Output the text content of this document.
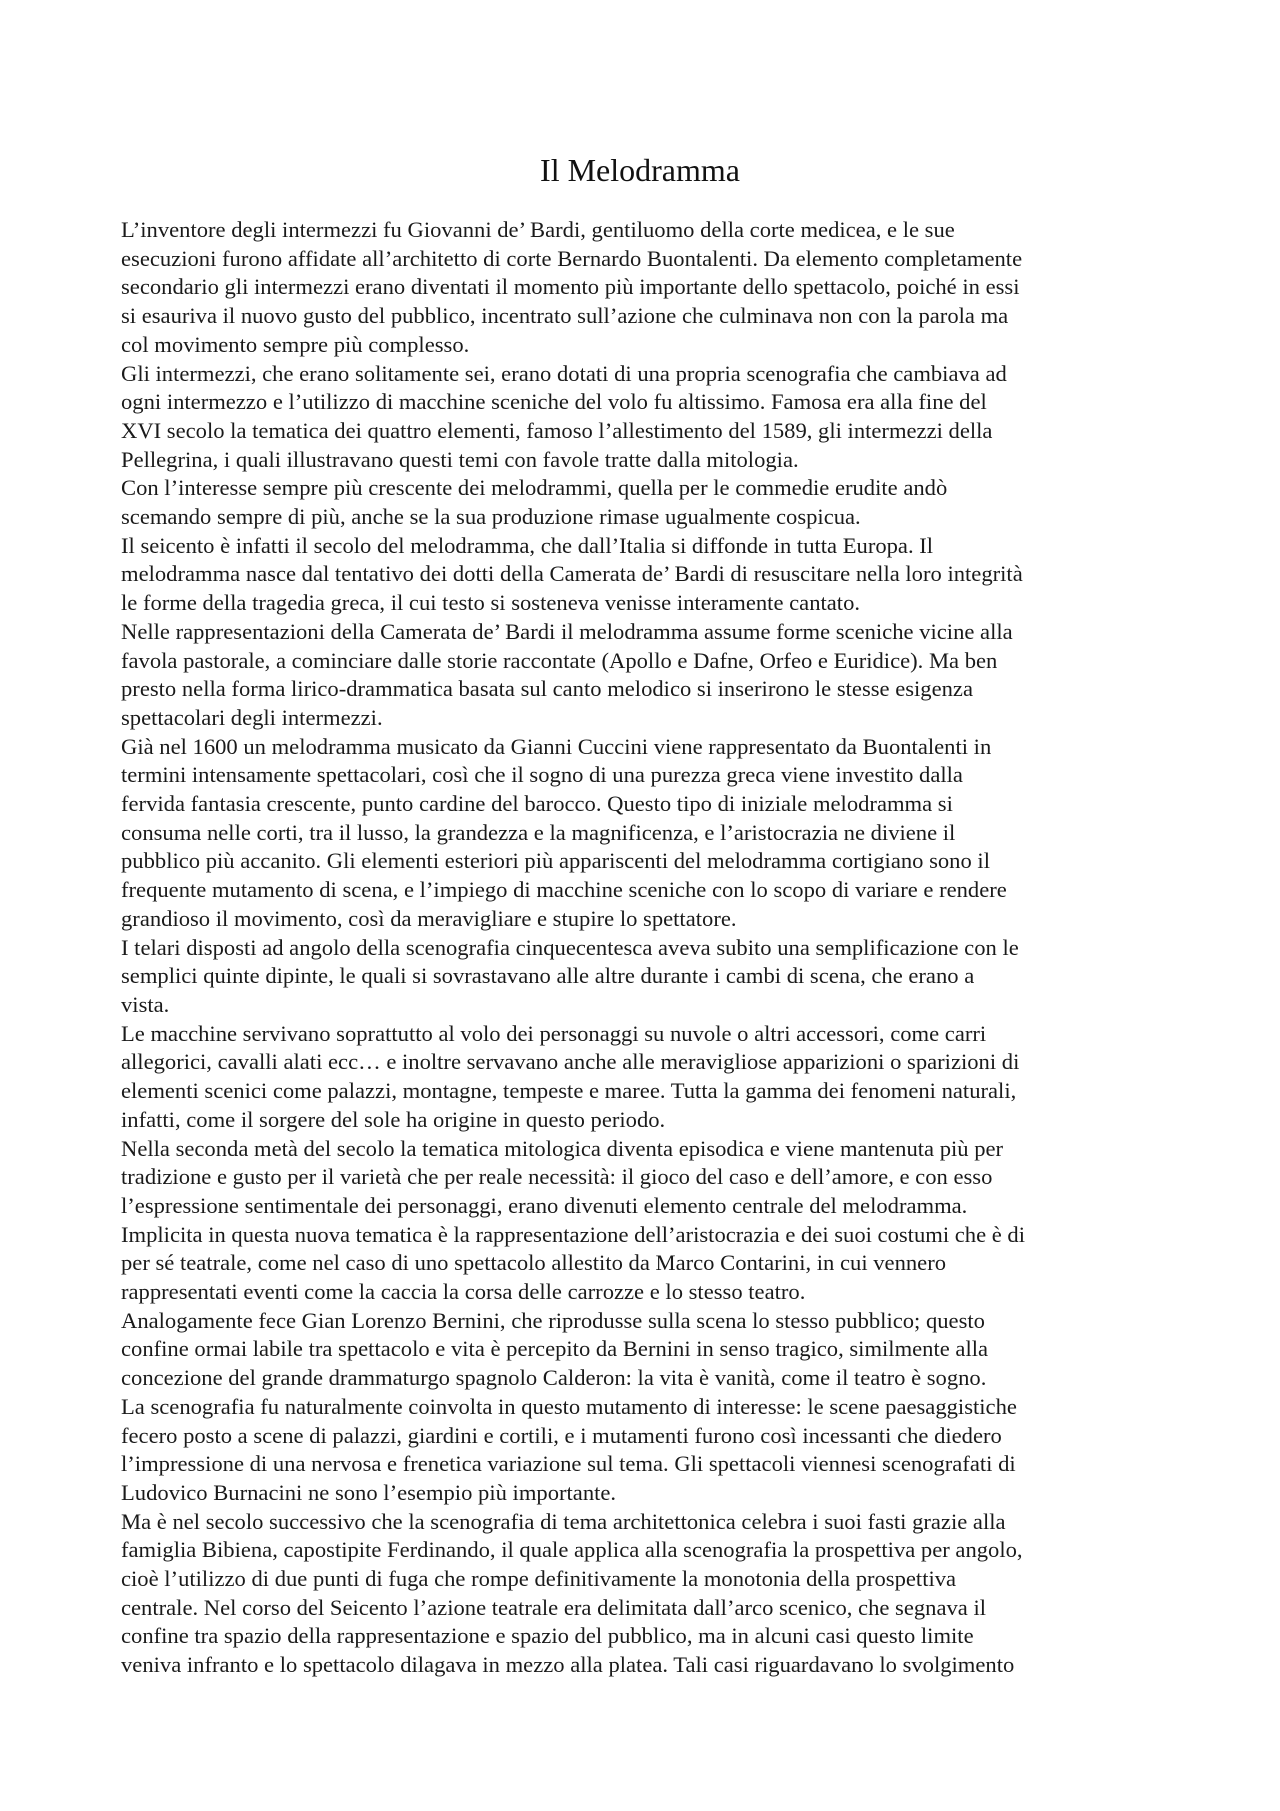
Il Melodramma
L’inventore degli intermezzi fu Giovanni de’ Bardi, gentiluomo della corte medicea, e le sue
esecuzioni furono affidate all’architetto di corte Bernardo Buontalenti. Da elemento completamente
secondario gli intermezzi erano diventati il momento più importante dello spettacolo, poiché in essi
si esauriva il nuovo gusto del pubblico, incentrato sull’azione che culminava non con la parola ma
col movimento sempre più complesso.
Gli intermezzi, che erano solitamente sei, erano dotati di una propria scenografia che cambiava ad
ogni intermezzo e l’utilizzo di macchine sceniche del volo fu altissimo. Famosa era alla fine del
XVI secolo la tematica dei quattro elementi, famoso l’allestimento del 1589, gli intermezzi della
Pellegrina, i quali illustravano questi temi con favole tratte dalla mitologia.
Con l’interesse sempre più crescente dei melodrammi, quella per le commedie erudite andò
scemando sempre di più, anche se la sua produzione rimase ugualmente cospicua.
Il seicento è infatti il secolo del melodramma, che dall’Italia si diffonde in tutta Europa. Il
melodramma nasce dal tentativo dei dotti della Camerata de’ Bardi di resuscitare nella loro integrità
le forme della tragedia greca, il cui testo si sosteneva venisse interamente cantato.
Nelle rappresentazioni della Camerata de’ Bardi il melodramma assume forme sceniche vicine alla
favola pastorale, a cominciare dalle storie raccontate (Apollo e Dafne, Orfeo e Euridice). Ma ben
presto nella forma lirico-drammatica basata sul canto melodico si inserirono le stesse esigenza
spettacolari degli intermezzi.
Già nel 1600 un melodramma musicato da Gianni Cuccini viene rappresentato da Buontalenti in
termini intensamente spettacolari, così che il sogno di una purezza greca viene investito dalla
fervida fantasia crescente, punto cardine del barocco. Questo tipo di iniziale melodramma si
consuma nelle corti, tra il lusso, la grandezza e la magnificenza, e l’aristocrazia ne diviene il
pubblico più accanito. Gli elementi esteriori più appariscenti del melodramma cortigiano sono il
frequente mutamento di scena, e l’impiego di macchine sceniche con lo scopo di variare e rendere
grandioso il movimento, così da meravigliare e stupire lo spettatore.
I telari disposti ad angolo della scenografia cinquecentesca aveva subito una semplificazione con le
semplici quinte dipinte, le quali si sovrastavano alle altre durante i cambi di scena, che erano a
vista.
Le macchine servivano soprattutto al volo dei personaggi su nuvole o altri accessori, come carri
allegorici, cavalli alati ecc… e inoltre servavano anche alle meravigliose apparizioni o sparizioni di
elementi scenici come palazzi, montagne, tempeste e maree. Tutta la gamma dei fenomeni naturali,
infatti, come il sorgere del sole ha origine in questo periodo.
Nella seconda metà del secolo la tematica mitologica diventa episodica e viene mantenuta più per
tradizione e gusto per il varietà che per reale necessità: il gioco del caso e dell’amore, e con esso
l’espressione sentimentale dei personaggi, erano divenuti elemento centrale del melodramma.
Implicita in questa nuova tematica è la rappresentazione dell’aristocrazia e dei suoi costumi che è di
per sé teatrale, come nel caso di uno spettacolo allestito da Marco Contarini, in cui vennero
rappresentati eventi come la caccia la corsa delle carrozze e lo stesso teatro.
Analogamente fece Gian Lorenzo Bernini, che riprodusse sulla scena lo stesso pubblico; questo
confine ormai labile tra spettacolo e vita è percepito da Bernini in senso tragico, similmente alla
concezione del grande drammaturgo spagnolo Calderon: la vita è vanità, come il teatro è sogno.
La scenografia fu naturalmente coinvolta in questo mutamento di interesse: le scene paesaggistiche
fecero posto a scene di palazzi, giardini e cortili, e i mutamenti furono così incessanti che diedero
l’impressione di una nervosa e frenetica variazione sul tema. Gli spettacoli viennesi scenografati di
Ludovico Burnacini ne sono l’esempio più importante.
Ma è nel secolo successivo che la scenografia di tema architettonica celebra i suoi fasti grazie alla
famiglia Bibiena, capostipite Ferdinando, il quale applica alla scenografia la prospettiva per angolo,
cioè l’utilizzo di due punti di fuga che rompe definitivamente la monotonia della prospettiva
centrale. Nel corso del Seicento l’azione teatrale era delimitata dall’arco scenico, che segnava il
confine tra spazio della rappresentazione e spazio del pubblico, ma in alcuni casi questo limite
veniva infranto e lo spettacolo dilagava in mezzo alla platea. Tali casi riguardavano lo svolgimento
